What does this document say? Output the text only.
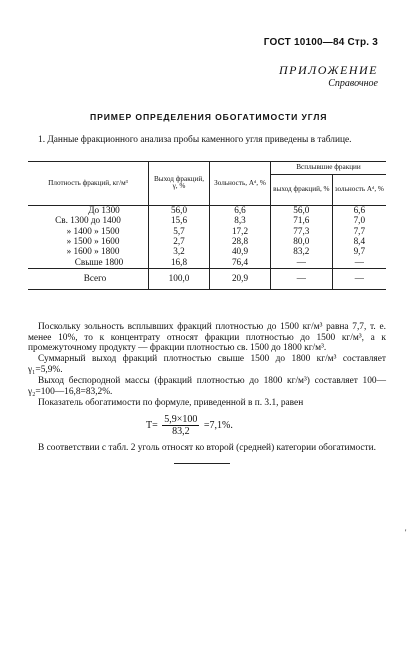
ГОСТ 10100—84 Стр. 3
ПРИЛОЖЕНИЕ
Справочное
ПРИМЕР ОПРЕДЕЛЕНИЯ ОБОГАТИМОСТИ УГЛЯ
1. Данные фракционного анализа пробы каменного угля приведены в таблице.
Плотность фракций, кг/м³	Выход фракций, γ, %	Зольность, Aᵈ, %	Всплывшие фракции	
			выход фракций, %	зольность Aᵈ, %
До 1300	56,0	6,6	56,0	6,6
Св. 1300 до 1400	15,6	8,3	71,6	7,0
» 1400 » 1500	5,7	17,2	77,3	7,7
» 1500 » 1600	2,7	28,8	80,0	8,4
» 1600 » 1800	3,2	40,9	83,2	9,7
Свыше 1800	16,8	76,4	—	—
Всего	100,0	20,9	—	—
Поскольку зольность всплывших фракций плотностью до 1500 кг/м³ равна 7,7, т. е. менее 10%, то к концентрату относят фракции плотностью до 1500 кг/м³, а к промежуточному продукту — фракции плотностью св. 1500 до 1800 кг/м³.
Суммарный выход фракций плотностью свыше 1500 до 1800 кг/м³ составляет γ₁=5,9%.
Выход беспородной массы (фракций плотностью до 1800 кг/м³) составляет 100—γ₂=100—16,8=83,2%.
Показатель обогатимости по формуле, приведенной в п. 3.1, равен
$T= \frac{5,9\times 100}{83,2} =7,1\%$.
В соответствии с табл. 2 уголь относят ко второй (средней) категории обогатимости.
'
